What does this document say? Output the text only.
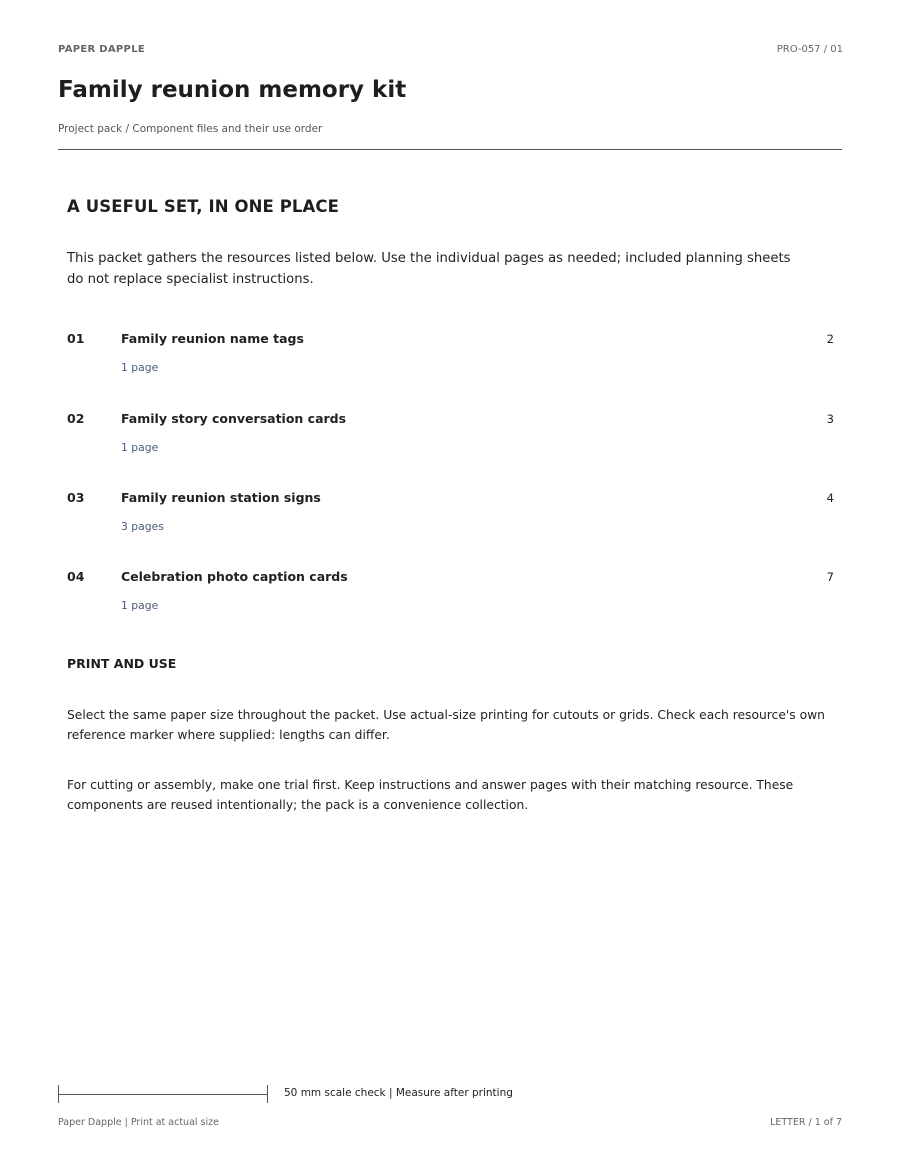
PAPER DAPPLE	PRO-057 / 01
Family reunion memory kit
Project pack / Component files and their use order
A USEFUL SET, IN ONE PLACE

This packet gathers the resources listed below. Use the individual pages as needed; included planning sheets do not replace specialist instructions.

01	Family reunion name tags
1 page
2
02	Family story conversation cards
1 page
3
03	Family reunion station signs
3 pages
4
04	Celebration photo caption cards
1 page
7
PRINT AND USE

Select the same paper size throughout the packet. Use actual-size printing for cutouts or grids. Check each resource's own reference marker where supplied: lengths can differ.

For cutting or assembly, make one trial first. Keep instructions and answer pages with their matching resource. These components are reused intentionally; the pack is a convenience collection.

50 mm scale check | Measure after printing
Paper Dapple | Print at actual size	LETTER / 1 of 7
